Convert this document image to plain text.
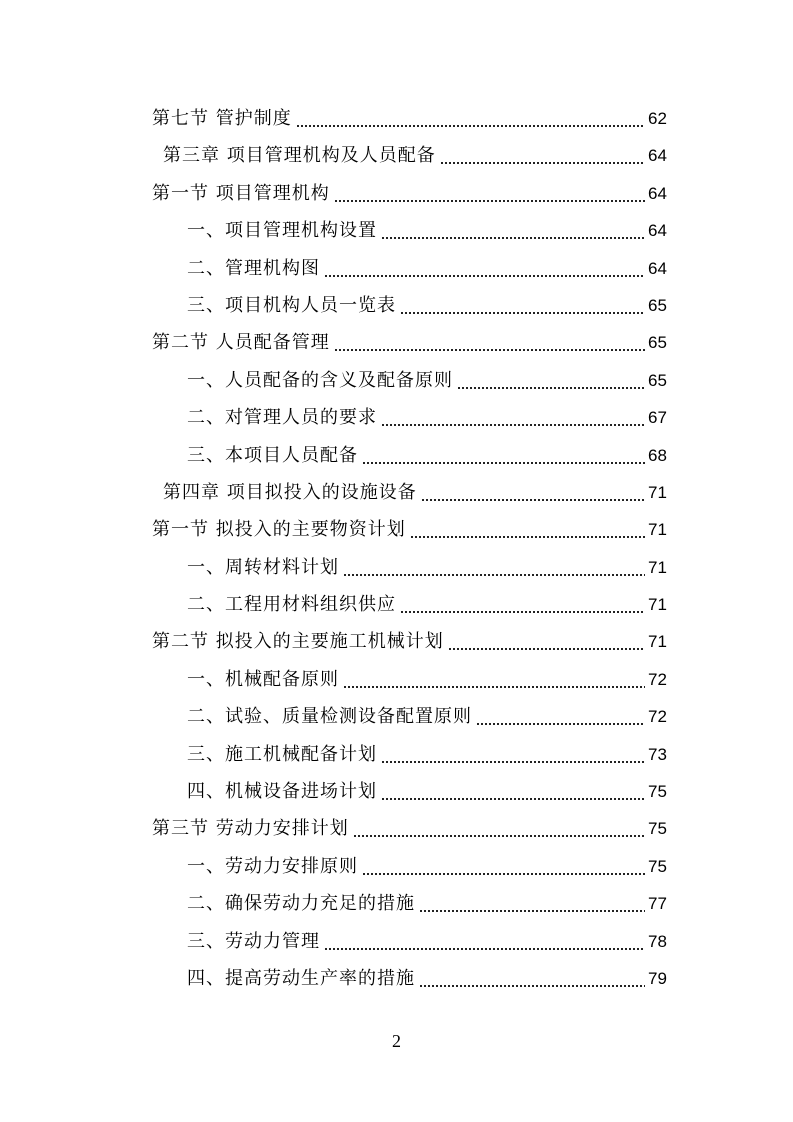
第七节 管护制度	62
第三章 项目管理机构及人员配备	64
第一节 项目管理机构	64
一、项目管理机构设置	64
二、管理机构图	64
三、项目机构人员一览表	65
第二节 人员配备管理	65
一、人员配备的含义及配备原则	65
二、对管理人员的要求	67
三、本项目人员配备	68
第四章 项目拟投入的设施设备	71
第一节 拟投入的主要物资计划	71
一、周转材料计划	71
二、工程用材料组织供应	71
第二节 拟投入的主要施工机械计划	71
一、机械配备原则	72
二、试验、质量检测设备配置原则	72
三、施工机械配备计划	73
四、机械设备进场计划	75
第三节 劳动力安排计划	75
一、劳动力安排原则	75
二、确保劳动力充足的措施	77
三、劳动力管理	78
四、提高劳动生产率的措施	79
2
